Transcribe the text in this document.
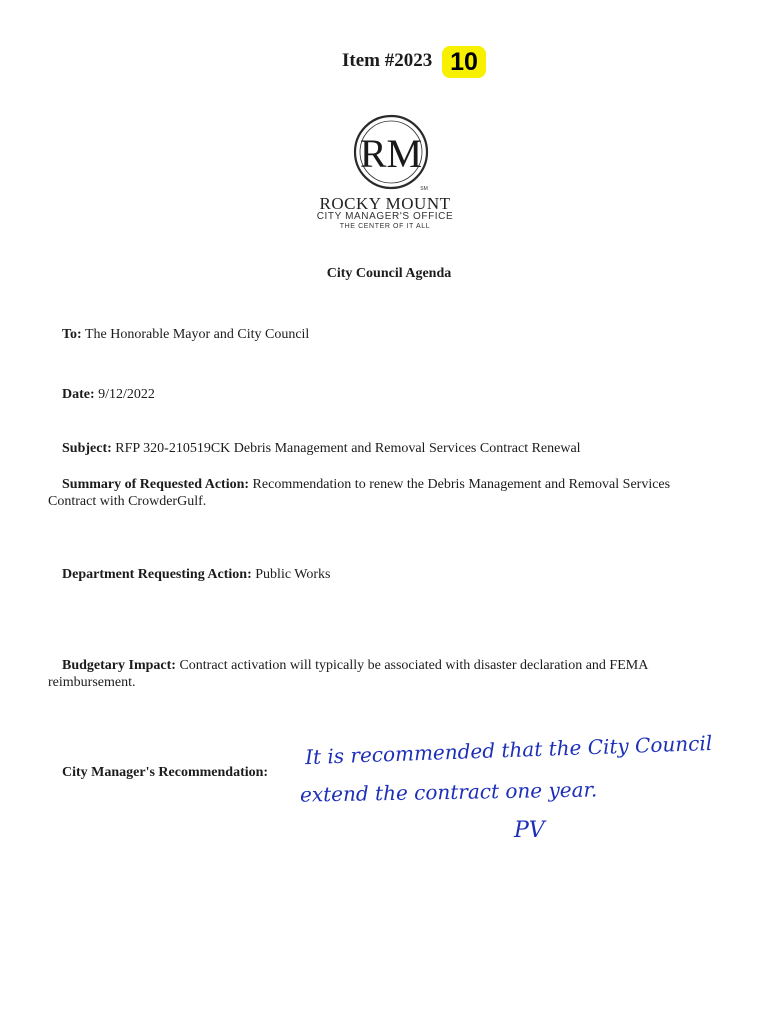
Item #2023 10
RM
SM
ROCKY MOUNT
CITY MANAGER'S OFFICE
THE CENTER OF IT ALL
City Council Agenda
To: The Honorable Mayor and City Council
Date: 9/12/2022
Subject: RFP 320-210519CK Debris Management and Removal Services Contract Renewal
Summary of Requested Action: Recommendation to renew the Debris Management and Removal Services
Contract with CrowderGulf.
Department Requesting Action: Public Works
Budgetary Impact: Contract activation will typically be associated with disaster declaration and FEMA
reimbursement.
City Manager's Recommendation:
It is recommended that the City Council
extend the contract one year.
PV
